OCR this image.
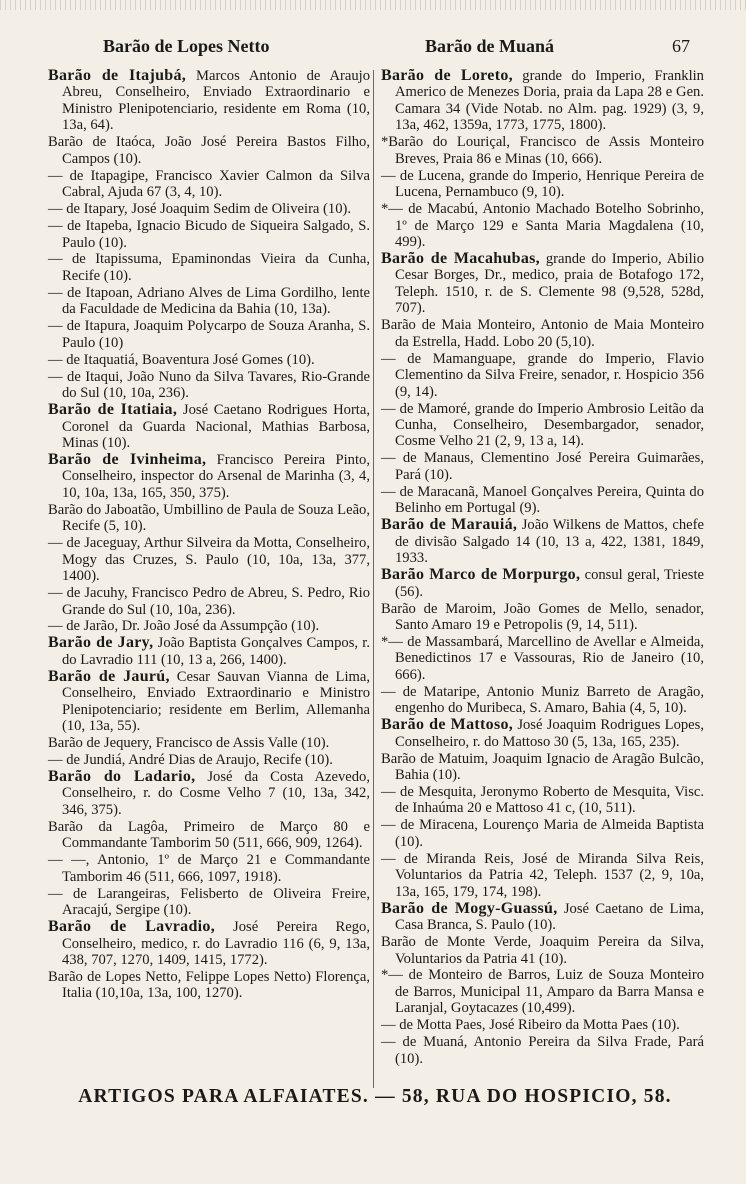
Barão de Lopes Netto	Barão de Muaná	67
Barão de Itajubá, Marcos Antonio de Araujo Abreu, Conselheiro, Enviado Extraordinario e Ministro Plenipotenciario, residente em Roma (10, 13a, 64).
Barão de Itaóca, João José Pereira Bastos Filho, Campos (10).
— de Itapagipe, Francisco Xavier Calmon da Silva Cabral, Ajuda 67 (3, 4, 10).
— de Itapary, José Joaquim Sedim de Oliveira (10).
— de Itapeba, Ignacio Bicudo de Siqueira Salgado, S. Paulo (10).
— de Itapissuma, Epaminondas Vieira da Cunha, Recife (10).
— de Itapoan, Adriano Alves de Lima Gordilho, lente da Faculdade de Medicina da Bahia (10, 13a).
— de Itapura, Joaquim Polycarpo de Souza Aranha, S. Paulo (10)
— de Itaquatiá, Boaventura José Gomes (10).
— de Itaqui, João Nuno da Silva Tavares, Rio-Grande do Sul (10, 10a, 236).
Barão de Itatiaia, José Caetano Rodrigues Horta, Coronel da Guarda Nacional, Mathias Barbosa, Minas (10).
Barão de Ivinheima, Francisco Pereira Pinto, Conselheiro, inspector do Arsenal de Marinha (3, 4, 10, 10a, 13a, 165, 350, 375).
Barão do Jaboatão, Umbillino de Paula de Souza Leão, Recife (5, 10).
— de Jaceguay, Arthur Silveira da Motta, Conselheiro, Mogy das Cruzes, S. Paulo (10, 10a, 13a, 377, 1400).
— de Jacuhy, Francisco Pedro de Abreu, S. Pedro, Rio Grande do Sul (10, 10a, 236).
— de Jarão, Dr. João José da Assumpção (10).
Barão de Jary, João Baptista Gonçalves Campos, r. do Lavradio 111 (10, 13 a, 266, 1400).
Barão de Jaurú, Cesar Sauvan Vianna de Lima, Conselheiro, Enviado Extraordinario e Ministro Plenipotenciario; residente em Berlim, Allemanha (10, 13a, 55).
Barão de Jequery, Francisco de Assis Valle (10).
— de Jundiá, André Dias de Araujo, Recife (10).
Barão do Ladario, José da Costa Azevedo, Conselheiro, r. do Cosme Velho 7 (10, 13a, 342, 346, 375).
Barão da Lagôa, Primeiro de Março 80 e Commandante Tamborim 50 (511, 666, 909, 1264).
— —, Antonio, 1º de Março 21 e Commandante Tamborim 46 (511, 666, 1097, 1918).
— de Larangeiras, Felisberto de Oliveira Freire, Aracajú, Sergipe (10).
Barão de Lavradio, José Pereira Rego, Conselheiro, medico, r. do Lavradio 116 (6, 9, 13a, 438, 707, 1270, 1409, 1415, 1772).
Barão de Lopes Netto, Felippe Lopes Netto) Florença, Italia (10,10a, 13a, 100, 1270).
Barão de Loreto, grande do Imperio, Franklin Americo de Menezes Doria, praia da Lapa 28 e Gen. Camara 34 (Vide Notab. no Alm. pag. 1929) (3, 9, 13a, 462, 1359a, 1773, 1775, 1800).
*Barão do Louriçal, Francisco de Assis Monteiro Breves, Praia 86 e Minas (10, 666).
— de Lucena, grande do Imperio, Henrique Pereira de Lucena, Pernambuco (9, 10).
*— de Macabú, Antonio Machado Botelho Sobrinho, 1º de Março 129 e Santa Maria Magdalena (10, 499).
Barão de Macahubas, grande do Imperio, Abilio Cesar Borges, Dr., medico, praia de Botafogo 172, Teleph. 1510, r. de S. Clemente 98 (9,528, 528d, 707).
Barão de Maia Monteiro, Antonio de Maia Monteiro da Estrella, Hadd. Lobo 20 (5,10).
— de Mamanguape, grande do Imperio, Flavio Clementino da Silva Freire, senador, r. Hospicio 356 (9, 14).
— de Mamoré, grande do Imperio Ambrosio Leitão da Cunha, Conselheiro, Desembargador, senador, Cosme Velho 21 (2, 9, 13 a, 14).
— de Manaus, Clementino José Pereira Guimarães, Pará (10).
— de Maracanã, Manoel Gonçalves Pereira, Quinta do Belinho em Portugal (9).
Barão de Marauiá, João Wilkens de Mattos, chefe de divisão Salgado 14 (10, 13 a, 422, 1381, 1849, 1933.
Barão Marco de Morpurgo, consul geral, Trieste (56).
Barão de Maroim, João Gomes de Mello, senador, Santo Amaro 19 e Petropolis (9, 14, 511).
*— de Massambará, Marcellino de Avellar e Almeida, Benedictinos 17 e Vassouras, Rio de Janeiro (10, 666).
— de Mataripe, Antonio Muniz Barreto de Aragão, engenho do Muribeca, S. Amaro, Bahia (4, 5, 10).
Barão de Mattoso, José Joaquim Rodrigues Lopes, Conselheiro, r. do Mattoso 30 (5, 13a, 165, 235).
Barão de Matuim, Joaquim Ignacio de Aragão Bulcão, Bahia (10).
— de Mesquita, Jeronymo Roberto de Mesquita, Visc. de Inhaúma 20 e Mattoso 41 c, (10, 511).
— de Miracena, Lourenço Maria de Almeida Baptista (10).
— de Miranda Reis, José de Miranda Silva Reis, Voluntarios da Patria 42, Teleph. 1537 (2, 9, 10a, 13a, 165, 179, 174, 198).
Barão de Mogy-Guassú, José Caetano de Lima, Casa Branca, S. Paulo (10).
Barão de Monte Verde, Joaquim Pereira da Silva, Voluntarios da Patria 41 (10).
*— de Monteiro de Barros, Luiz de Souza Monteiro de Barros, Municipal 11, Amparo da Barra Mansa e Laranjal, Goytacazes (10,499).
— de Motta Paes, José Ribeiro da Motta Paes (10).
— de Muaná, Antonio Pereira da Silva Frade, Pará (10).
ARTIGOS PARA ALFAIATES. — 58, RUA DO HOSPICIO, 58.
